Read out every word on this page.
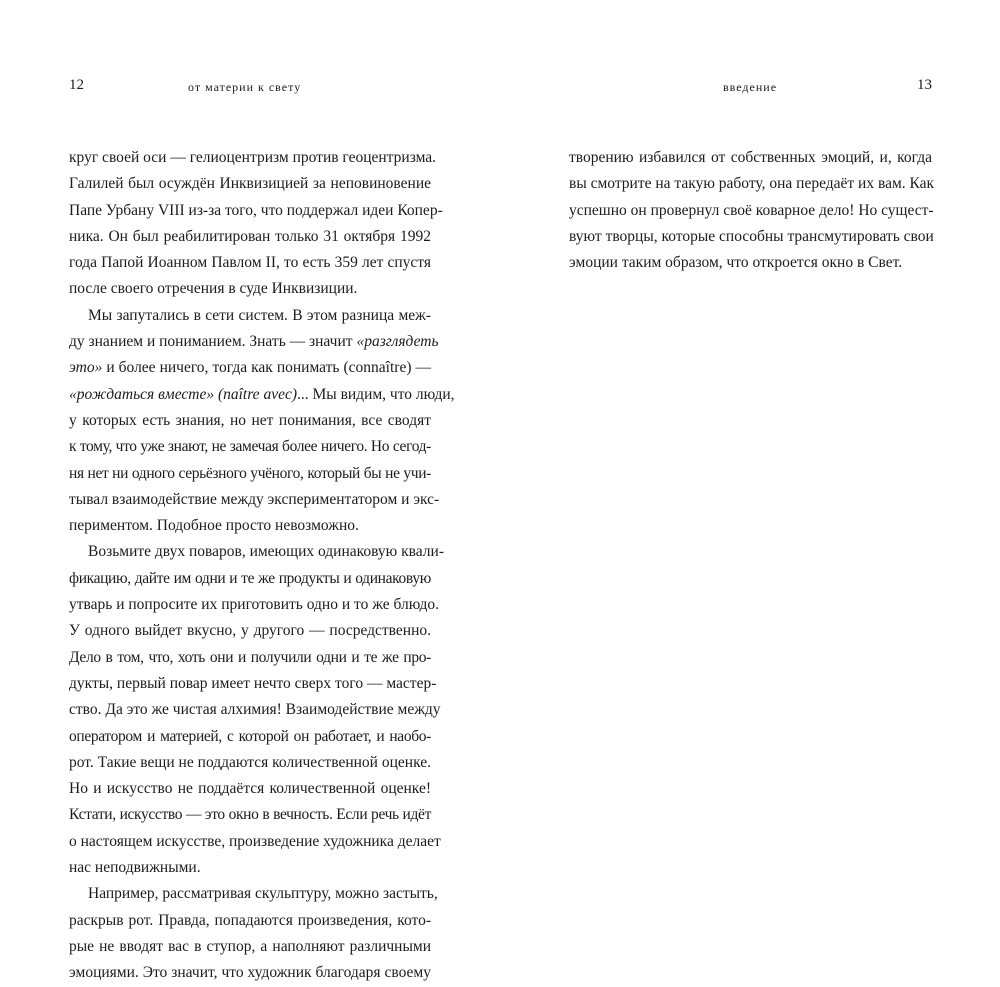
12	от материи к свету
круг своей оси — гелиоцентризм против геоцентризма.
Галилей был осуждён Инквизицией за неповиновение
Папе Урбану VIII из-за того, что поддержал идеи Копер-
ника. Он был реабилитирован только 31 октября 1992
года Папой Иоанном Павлом II, то есть 359 лет спустя
после своего отречения в суде Инквизиции.
Мы запутались в сети систем. В этом разница меж-
ду знанием и пониманием. Знать — значит «разглядеть
это» и более ничего, тогда как понимать (connaître) —
«рождаться вместе» (naître avec)... Мы видим, что люди,
у которых есть знания, но нет понимания, все сводят
к тому, что уже знают, не замечая более ничего. Но сегод-
ня нет ни одного серьёзного учёного, который бы не учи-
тывал взаимодействие между экспериментатором и экс-
периментом. Подобное просто невозможно.
Возьмите двух поваров, имеющих одинаковую квали-
фикацию, дайте им одни и те же продукты и одинаковую
утварь и попросите их приготовить одно и то же блюдо.
У одного выйдет вкусно, у другого — посредственно.
Дело в том, что, хоть они и получили одни и те же про-
дукты, первый повар имеет нечто сверх того — мастер-
ство. Да это же чистая алхимия! Взаимодействие между
оператором и материей, с которой он работает, и наобо-
рот. Такие вещи не поддаются количественной оценке.
Но и искусство не поддаётся количественной оценке!
Кстати, искусство — это окно в вечность. Если речь идёт
о настоящем искусстве, произведение художника делает
нас неподвижными.
Например, рассматривая скульптуру, можно застыть,
раскрыв рот. Правда, попадаются произведения, кото-
рые не вводят вас в ступор, а наполняют различными
эмоциями. Это значит, что художник благодаря своему
введение	13
творению избавился от собственных эмоций, и, когда
вы смотрите на такую работу, она передаёт их вам. Как
успешно он провернул своё коварное дело! Но сущест-
вуют творцы, которые способны трансмутировать свои
эмоции таким образом, что откроется окно в Свет.
